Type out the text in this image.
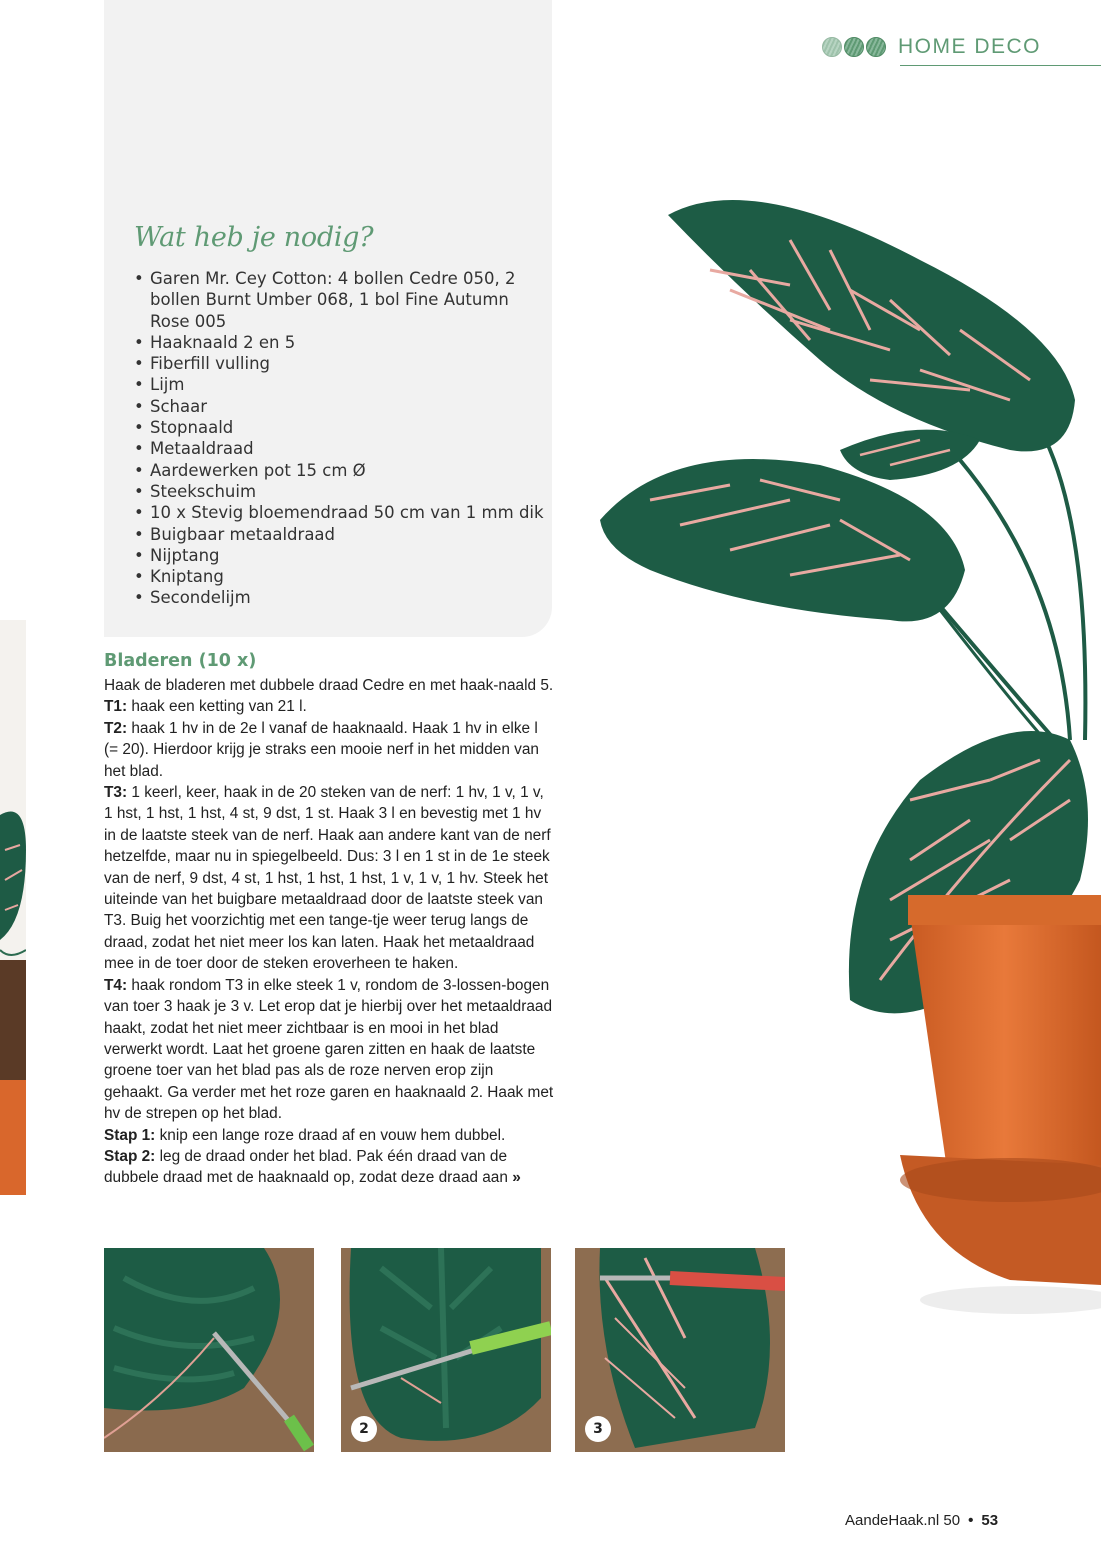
HOME DECO
Wat heb je nodig?
• Garen Mr. Cey Cotton: 4 bollen Cedre 050, 2 bollen Burnt Umber 068, 1 bol Fine Autumn Rose 005
• Haaknaald 2 en 5
• Fiberfill vulling
• Lijm
• Schaar
• Stopnaald
• Metaaldraad
• Aardewerken pot 15 cm Ø
• Steekschuim
• 10 x Stevig bloemendraad 50 cm van 1 mm dik
• Buigbaar metaaldraad
• Nijptang
• Kniptang
• Secondelijm
Bladeren (10 x)
Haak de bladeren met dubbele draad Cedre en met haak-naald 5.
T1: haak een ketting van 21 l.
T2: haak 1 hv in de 2e l vanaf de haaknaald. Haak 1 hv in elke l (= 20). Hierdoor krijg je straks een mooie nerf in het midden van het blad.
T3: 1 keerl, keer, haak in de 20 steken van de nerf: 1 hv, 1 v, 1 v, 1 hst, 1 hst, 1 hst, 4 st, 9 dst, 1 st. Haak 3 l en bevestig met 1 hv in de laatste steek van de nerf. Haak aan andere kant van de nerf hetzelfde, maar nu in spiegelbeeld. Dus: 3 l en 1 st in de 1e steek van de nerf, 9 dst, 4 st, 1 hst, 1 hst, 1 hst, 1 v, 1 v, 1 hv. Steek het uiteinde van het buigbare metaaldraad door de laatste steek van T3. Buig het voorzichtig met een tange-tje weer terug langs de draad, zodat het niet meer los kan laten. Haak het metaaldraad mee in de toer door de steken eroverheen te haken.
T4: haak rondom T3 in elke steek 1 v, rondom de 3-lossen-bogen van toer 3 haak je 3 v. Let erop dat je hierbij over het metaaldraad haakt, zodat het niet meer zichtbaar is en mooi in het blad verwerkt wordt. Laat het groene garen zitten en haak de laatste groene toer van het blad pas als de roze nerven erop zijn gehaakt. Ga verder met het roze garen en haaknaald 2. Haak met hv de strepen op het blad.
Stap 1: knip een lange roze draad af en vouw hem dubbel.
Stap 2: leg de draad onder het blad. Pak één draad van de dubbele draad met de haaknaald op, zodat deze draad aan »
2	3
AandeHaak.nl 50 • 53
